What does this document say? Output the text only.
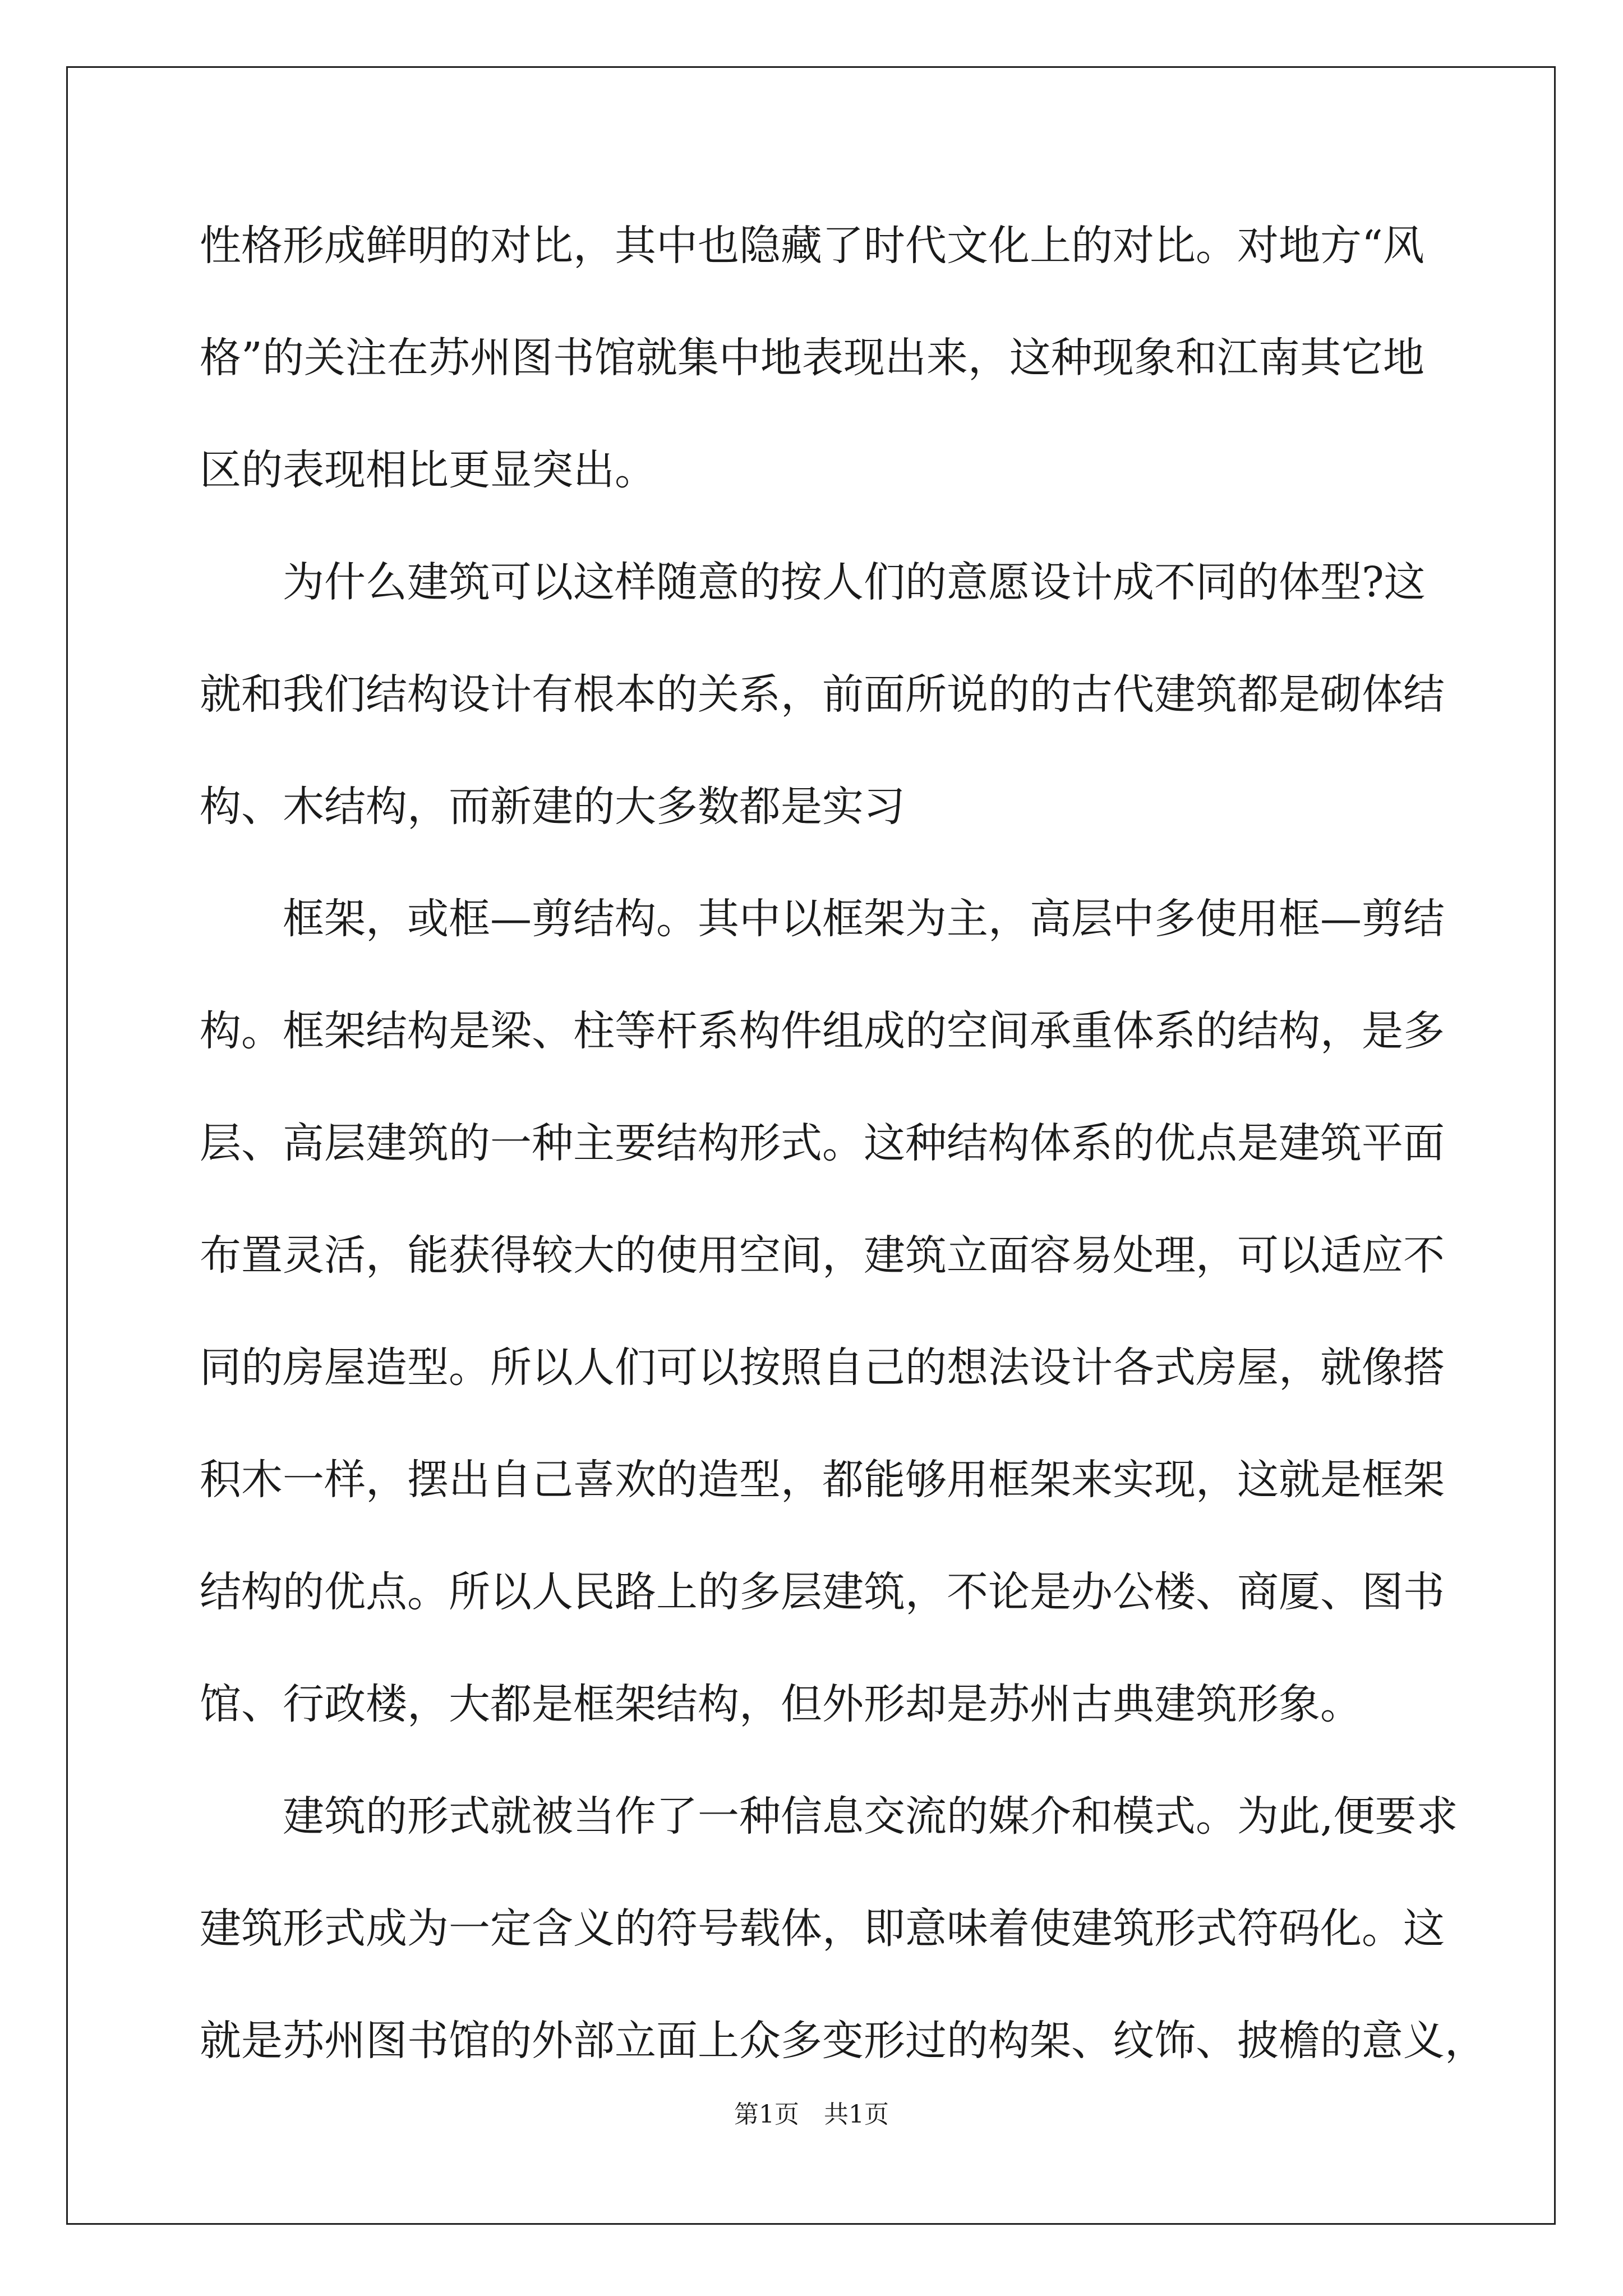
性格形成鲜明的对比，其中也隐藏了时代文化上的对比。对地方“风
格”的关注在苏州图书馆就集中地表现出来，这种现象和江南其它地
区的表现相比更显突出。
为什么建筑可以这样随意的按人们的意愿设计成不同的体型?这
就和我们结构设计有根本的关系，前面所说的的古代建筑都是砌体结
构、木结构，而新建的大多数都是实习
框架，或框—剪结构。其中以框架为主，高层中多使用框—剪结
构。框架结构是梁、柱等杆系构件组成的空间承重体系的结构，是多
层、高层建筑的一种主要结构形式。这种结构体系的优点是建筑平面
布置灵活，能获得较大的使用空间，建筑立面容易处理，可以适应不
同的房屋造型。所以人们可以按照自己的想法设计各式房屋，就像搭
积木一样，摆出自己喜欢的造型，都能够用框架来实现，这就是框架
结构的优点。所以人民路上的多层建筑，不论是办公楼、商厦、图书
馆、行政楼，大都是框架结构，但外形却是苏州古典建筑形象。
建筑的形式就被当作了一种信息交流的媒介和模式。为此,便要求
建筑形式成为一定含义的符号载体，即意味着使建筑形式符码化。这
就是苏州图书馆的外部立面上众多变形过的构架、纹饰、披檐的意义，
第1页　共1页
